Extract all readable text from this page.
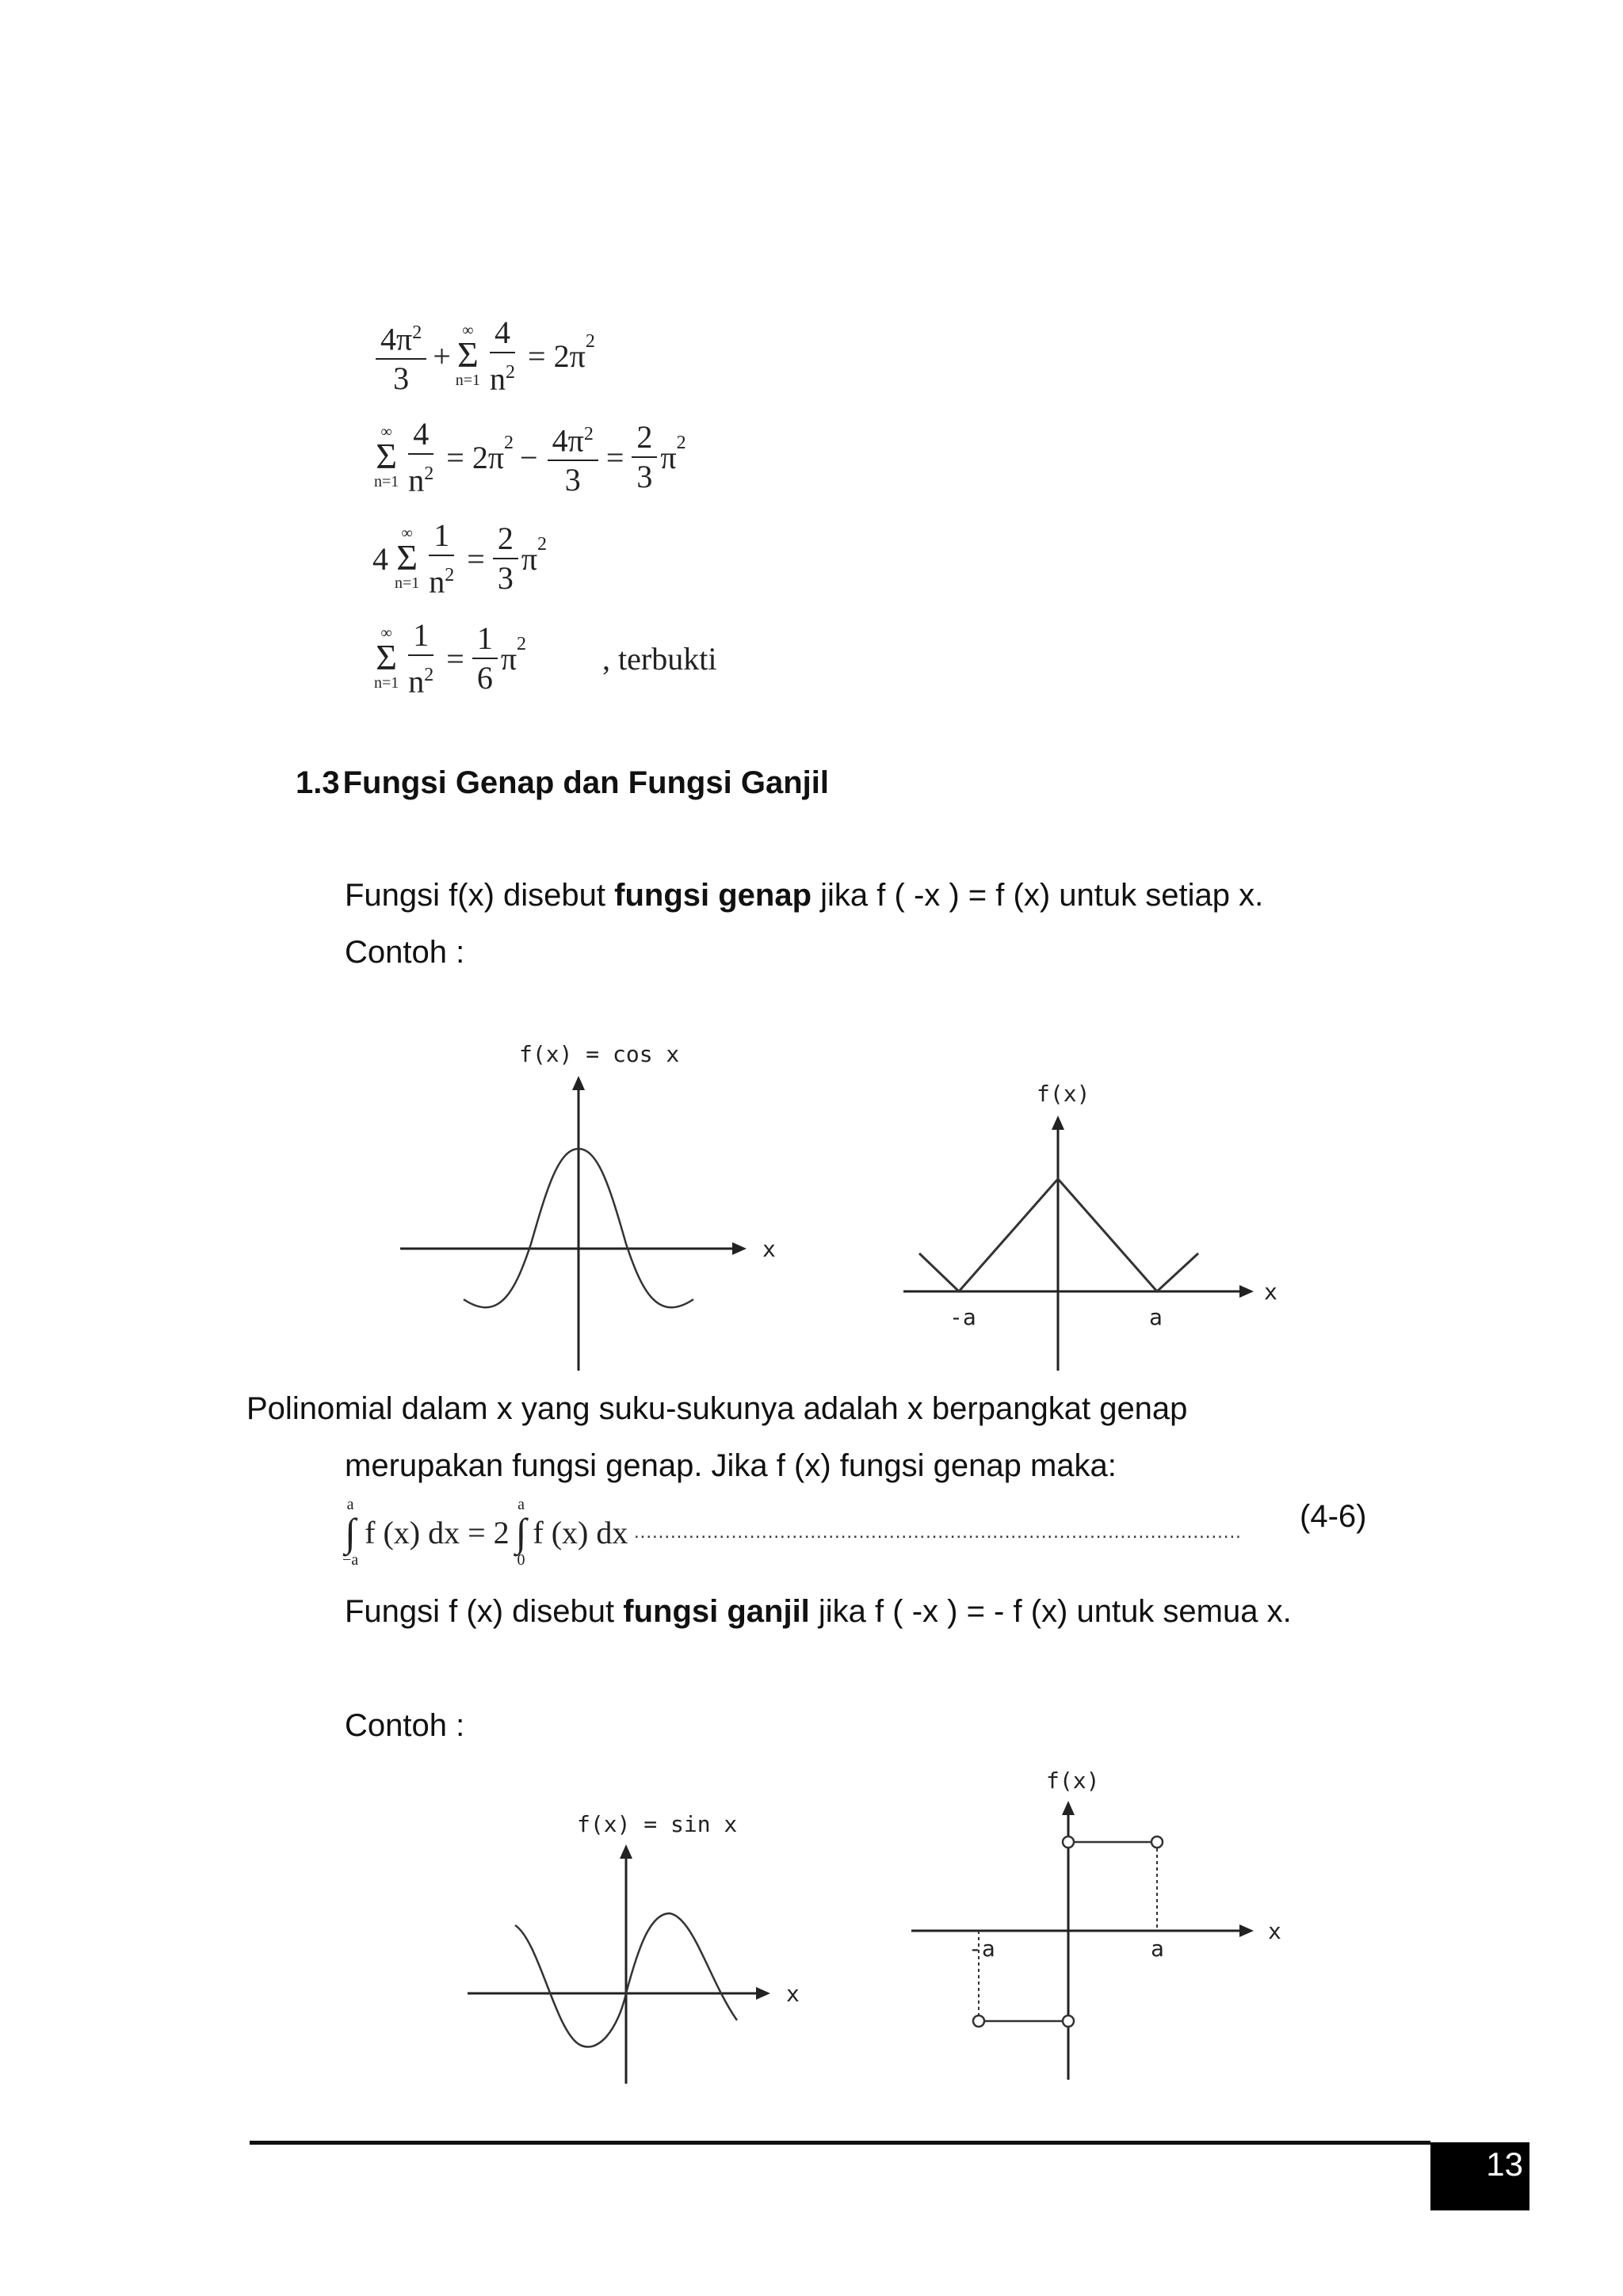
$\frac{4\pi^2}{3}$ +
∞
Σ
$n=1 \frac{4}{n^2} = 2\pi^2$
∞
Σ
$n=1 \frac{4}{n^2} = 2\pi^2 - \frac{4\pi^2}{3} = \frac{2}{3} \pi^2$
4
∞
Σ
$n=1 \frac{1}{n^2} = \frac{2}{3} \pi^2$
∞
Σ
$n=1 \frac{1}{n^2} = \frac{1}{6} \pi^2$ , terbukti
1.3 Fungsi Genap dan Fungsi Ganjil
Fungsi f(x) disebut fungsi genap jika f ( -x ) = f (x) untuk setiap x.
Contoh :
f(x) = cos x
x
f(x)
x
-a	a
Polinomial dalam x yang suku-sukunya adalah x berpangkat genap
merupakan fungsi genap. Jika f (x) fungsi genap maka:
a
∫
−a
f (x) dx = 2
a
∫
0
f (x) dx ....................................................................................................	(4-6)
Fungsi f (x) disebut fungsi ganjil jika f ( -x ) = - f (x) untuk semua x.
Contoh :
f(x) = sin x
x
f(x)
x
-a	a
13
